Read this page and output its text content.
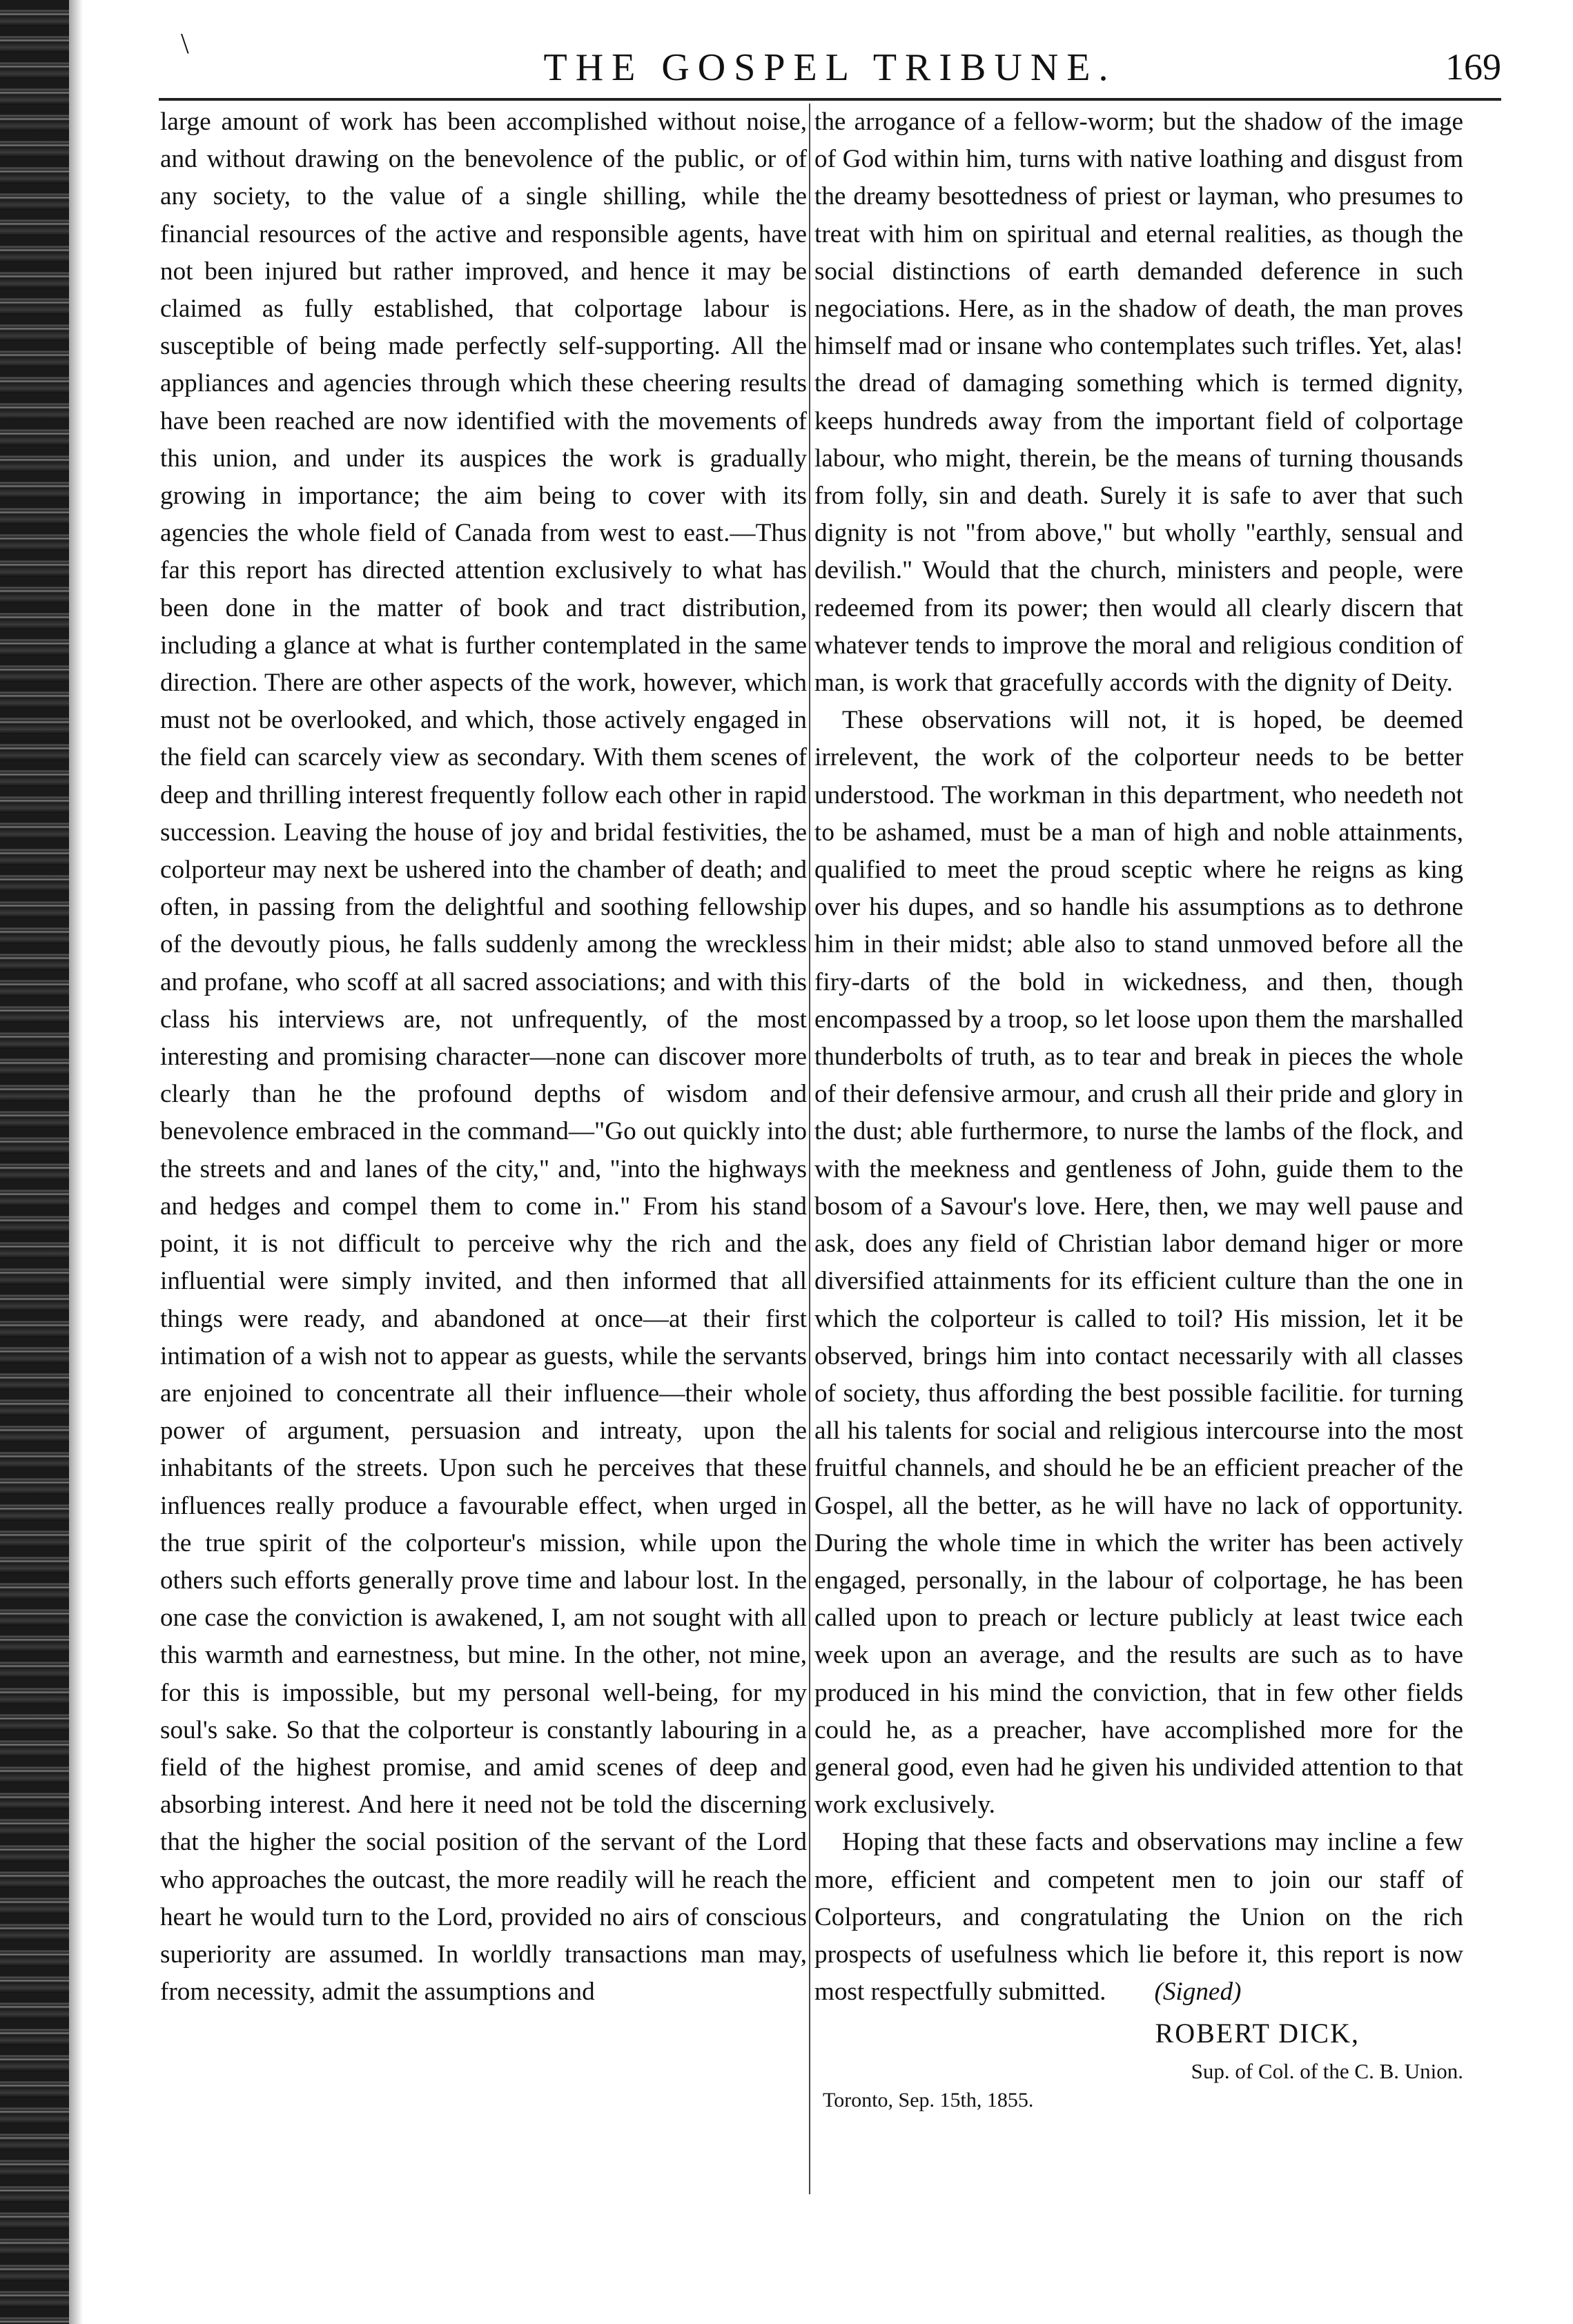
\
THE GOSPEL TRIBUNE.	169

large amount of work has been accomplished without noise, and without drawing on the benevolence of the public, or of any society, to the value of a single shilling, while the financial resources of the active and responsible agents, have not been injured but rather improved, and hence it may be claimed as fully established, that colportage labour is susceptible of being made perfectly self-supporting. All the appliances and agencies through which these cheering results have been reached are now identified with the movements of this union, and under its auspices the work is gradually growing in importance; the aim being to cover with its agencies the whole field of Canada from west to east.—Thus far this report has directed attention exclusively to what has been done in the matter of book and tract distribution, including a glance at what is further contemplated in the same direction. There are other aspects of the work, however, which must not be overlooked, and which, those actively engaged in the field can scarcely view as secondary. With them scenes of deep and thrilling interest frequently follow each other in rapid succession. Leaving the house of joy and bridal festivities, the colporteur may next be ushered into the chamber of death; and often, in passing from the delightful and soothing fellowship of the devoutly pious, he falls suddenly among the wreckless and profane, who scoff at all sacred associations; and with this class his interviews are, not unfrequently, of the most interesting and promising character—none can discover more clearly than he the profound depths of wisdom and benevolence embraced in the command—"Go out quickly into the streets and and lanes of the city," and, "into the highways and hedges and compel them to come in." From his stand point, it is not difficult to perceive why the rich and the influential were simply invited, and then informed that all things were ready, and abandoned at once—at their first intimation of a wish not to appear as guests, while the servants are enjoined to concentrate all their influence—their whole power of argument, persuasion and intreaty, upon the inhabitants of the streets. Upon such he perceives that these influences really produce a favourable effect, when urged in the true spirit of the colporteur's mission, while upon the others such efforts generally prove time and labour lost. In the one case the conviction is awakened, I, am not sought with all this warmth and earnestness, but mine. In the other, not mine, for this is impossible, but my personal well-being, for my soul's sake. So that the colporteur is constantly labouring in a field of the highest promise, and amid scenes of deep and absorbing interest. And here it need not be told the discerning that the higher the social position of the servant of the Lord who approaches the outcast, the more readily will he reach the heart he would turn to the Lord, provided no airs of conscious superiority are assumed. In worldly transactions man may, from necessity, admit the assumptions and

the arrogance of a fellow-worm; but the shadow of the image of God within him, turns with native loathing and disgust from the dreamy besottedness of priest or layman, who presumes to treat with him on spiritual and eternal realities, as though the social distinctions of earth demanded deference in such negociations. Here, as in the shadow of death, the man proves himself mad or insane who contemplates such trifles. Yet, alas! the dread of damaging something which is termed dignity, keeps hundreds away from the important field of colportage labour, who might, therein, be the means of turning thousands from folly, sin and death. Surely it is safe to aver that such dignity is not "from above," but wholly "earthly, sensual and devilish." Would that the church, ministers and people, were redeemed from its power; then would all clearly discern that whatever tends to improve the moral and religious condition of man, is work that gracefully accords with the dignity of Deity.

These observations will not, it is hoped, be deemed irrelevent, the work of the colporteur needs to be better understood. The workman in this department, who needeth not to be ashamed, must be a man of high and noble attainments, qualified to meet the proud sceptic where he reigns as king over his dupes, and so handle his assumptions as to dethrone him in their midst; able also to stand unmoved before all the firy-darts of the bold in wickedness, and then, though encompassed by a troop, so let loose upon them the marshalled thunderbolts of truth, as to tear and break in pieces the whole of their defensive armour, and crush all their pride and glory in the dust; able furthermore, to nurse the lambs of the flock, and with the meekness and gentleness of John, guide them to the bosom of a Savour's love. Here, then, we may well pause and ask, does any field of Christian labor demand higer or more diversified attainments for its efficient culture than the one in which the colporteur is called to toil? His mission, let it be observed, brings him into contact necessarily with all classes of society, thus affording the best possible facilitie. for turning all his talents for social and religious intercourse into the most fruitful channels, and should he be an efficient preacher of the Gospel, all the better, as he will have no lack of opportunity. During the whole time in which the writer has been actively engaged, personally, in the labour of colportage, he has been called upon to preach or lecture publicly at least twice each week upon an average, and the results are such as to have produced in his mind the conviction, that in few other fields could he, as a preacher, have accomplished more for the general good, even had he given his undivided attention to that work exclusively.

Hoping that these facts and observations may incline a few more, efficient and competent men to join our staff of Colporteurs, and congratulating the Union on the rich prospects of usefulness which lie before it, this report is now most respectfully submitted. (Signed)

ROBERT DICK,
Toronto, Sep. 15th, 1855.
Sup. of Col. of the C. B. Union.
